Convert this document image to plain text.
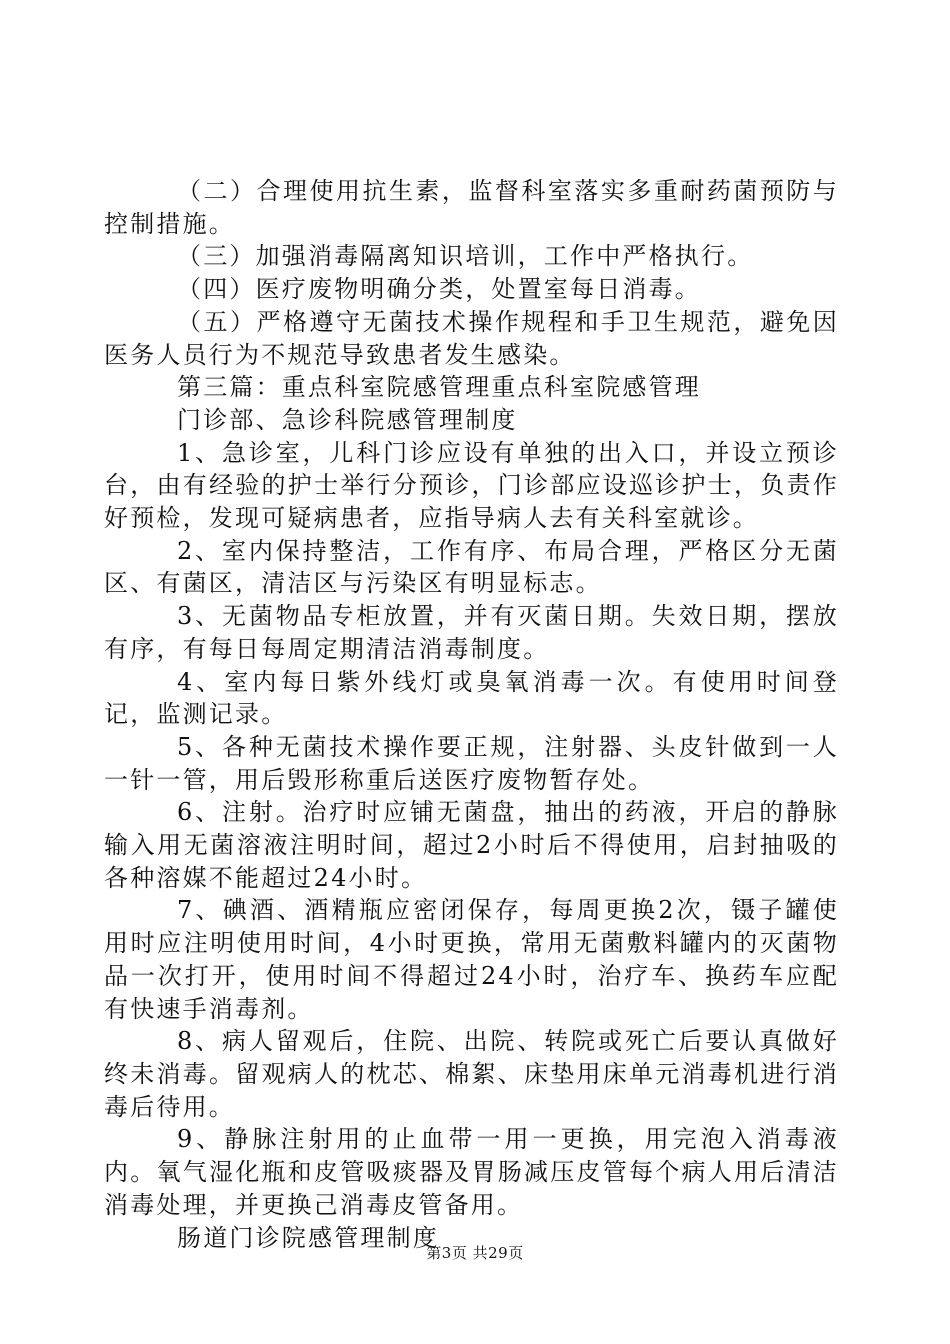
（二）合理使用抗生素，监督科室落实多重耐药菌预防与控制措施。

（三）加强消毒隔离知识培训，工作中严格执行。

（四）医疗废物明确分类，处置室每日消毒。

（五）严格遵守无菌技术操作规程和手卫生规范，避免因医务人员行为不规范导致患者发生感染。

第三篇：重点科室院感管理重点科室院感管理

门诊部、急诊科院感管理制度

1、急诊室，儿科门诊应设有单独的出入口，并设立预诊台，由有经验的护士举行分预诊，门诊部应设巡诊护士，负责作好预检，发现可疑病患者，应指导病人去有关科室就诊。

2、室内保持整洁，工作有序、布局合理，严格区分无菌区、有菌区，清洁区与污染区有明显标志。

3、无菌物品专柜放置，并有灭菌日期。失效日期，摆放有序，有每日每周定期清洁消毒制度。

4、室内每日紫外线灯或臭氧消毒一次。有使用时间登记，监测记录。

5、各种无菌技术操作要正规，注射器、头皮针做到一人一针一管，用后毁形称重后送医疗废物暂存处。

6、注射。治疗时应铺无菌盘，抽出的药液，开启的静脉输入用无菌溶液注明时间，超过2小时后不得使用，启封抽吸的各种溶媒不能超过24小时。

7、碘酒、酒精瓶应密闭保存，每周更换2次，镊子罐使用时应注明使用时间，4小时更换，常用无菌敷料罐内的灭菌物品一次打开，使用时间不得超过24小时，治疗车、换药车应配有快速手消毒剂。

8、病人留观后，住院、出院、转院或死亡后要认真做好终未消毒。留观病人的枕芯、棉絮、床垫用床单元消毒机进行消毒后待用。

9、静脉注射用的止血带一用一更换，用完泡入消毒液内。氧气湿化瓶和皮管吸痰器及胃肠减压皮管每个病人用后清洁消毒处理，并更换己消毒皮管备用。

肠道门诊院感管理制度

第3页 共29页
